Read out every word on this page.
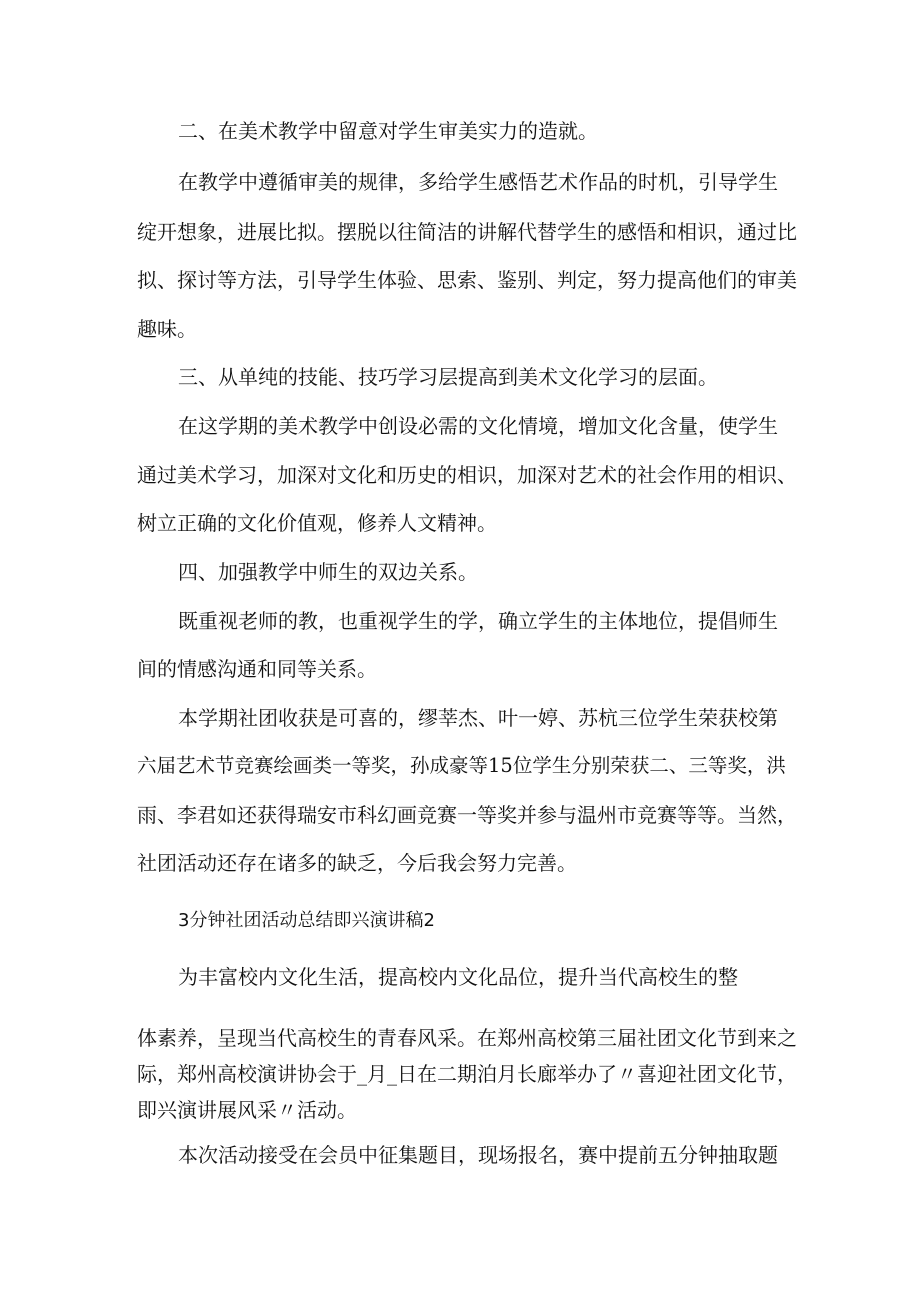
二、在美术教学中留意对学生审美实力的造就。

在教学中遵循审美的规律，多给学生感悟艺术作品的时机，引导学生

绽开想象，进展比拟。摆脱以往简洁的讲解代替学生的感悟和相识，通过比

拟、探讨等方法，引导学生体验、思索、鉴别、判定，努力提高他们的审美

趣味。

三、从单纯的技能、技巧学习层提高到美术文化学习的层面。

在这学期的美术教学中创设必需的文化情境，增加文化含量，使学生

通过美术学习，加深对文化和历史的相识，加深对艺术的社会作用的相识、

树立正确的文化价值观，修养人文精神。

四、加强教学中师生的双边关系。

既重视老师的教，也重视学生的学，确立学生的主体地位，提倡师生

间的情感沟通和同等关系。

本学期社团收获是可喜的，缪莘杰、叶一婷、苏杭三位学生荣获校第

六届艺术节竞赛绘画类一等奖，孙成豪等15位学生分别荣获二、三等奖，洪

雨、李君如还获得瑞安市科幻画竞赛一等奖并参与温州市竞赛等等。当然，

社团活动还存在诸多的缺乏，今后我会努力完善。

3分钟社团活动总结即兴演讲稿2

为丰富校内文化生活，提高校内文化品位，提升当代高校生的整

体素养，呈现当代高校生的青春风采。在郑州高校第三届社团文化节到来之

际，郑州高校演讲协会于_月_日在二期泊月长廊举办了〃喜迎社团文化节，

即兴演讲展风采〃活动。

本次活动接受在会员中征集题目，现场报名，赛中提前五分钟抽取题
